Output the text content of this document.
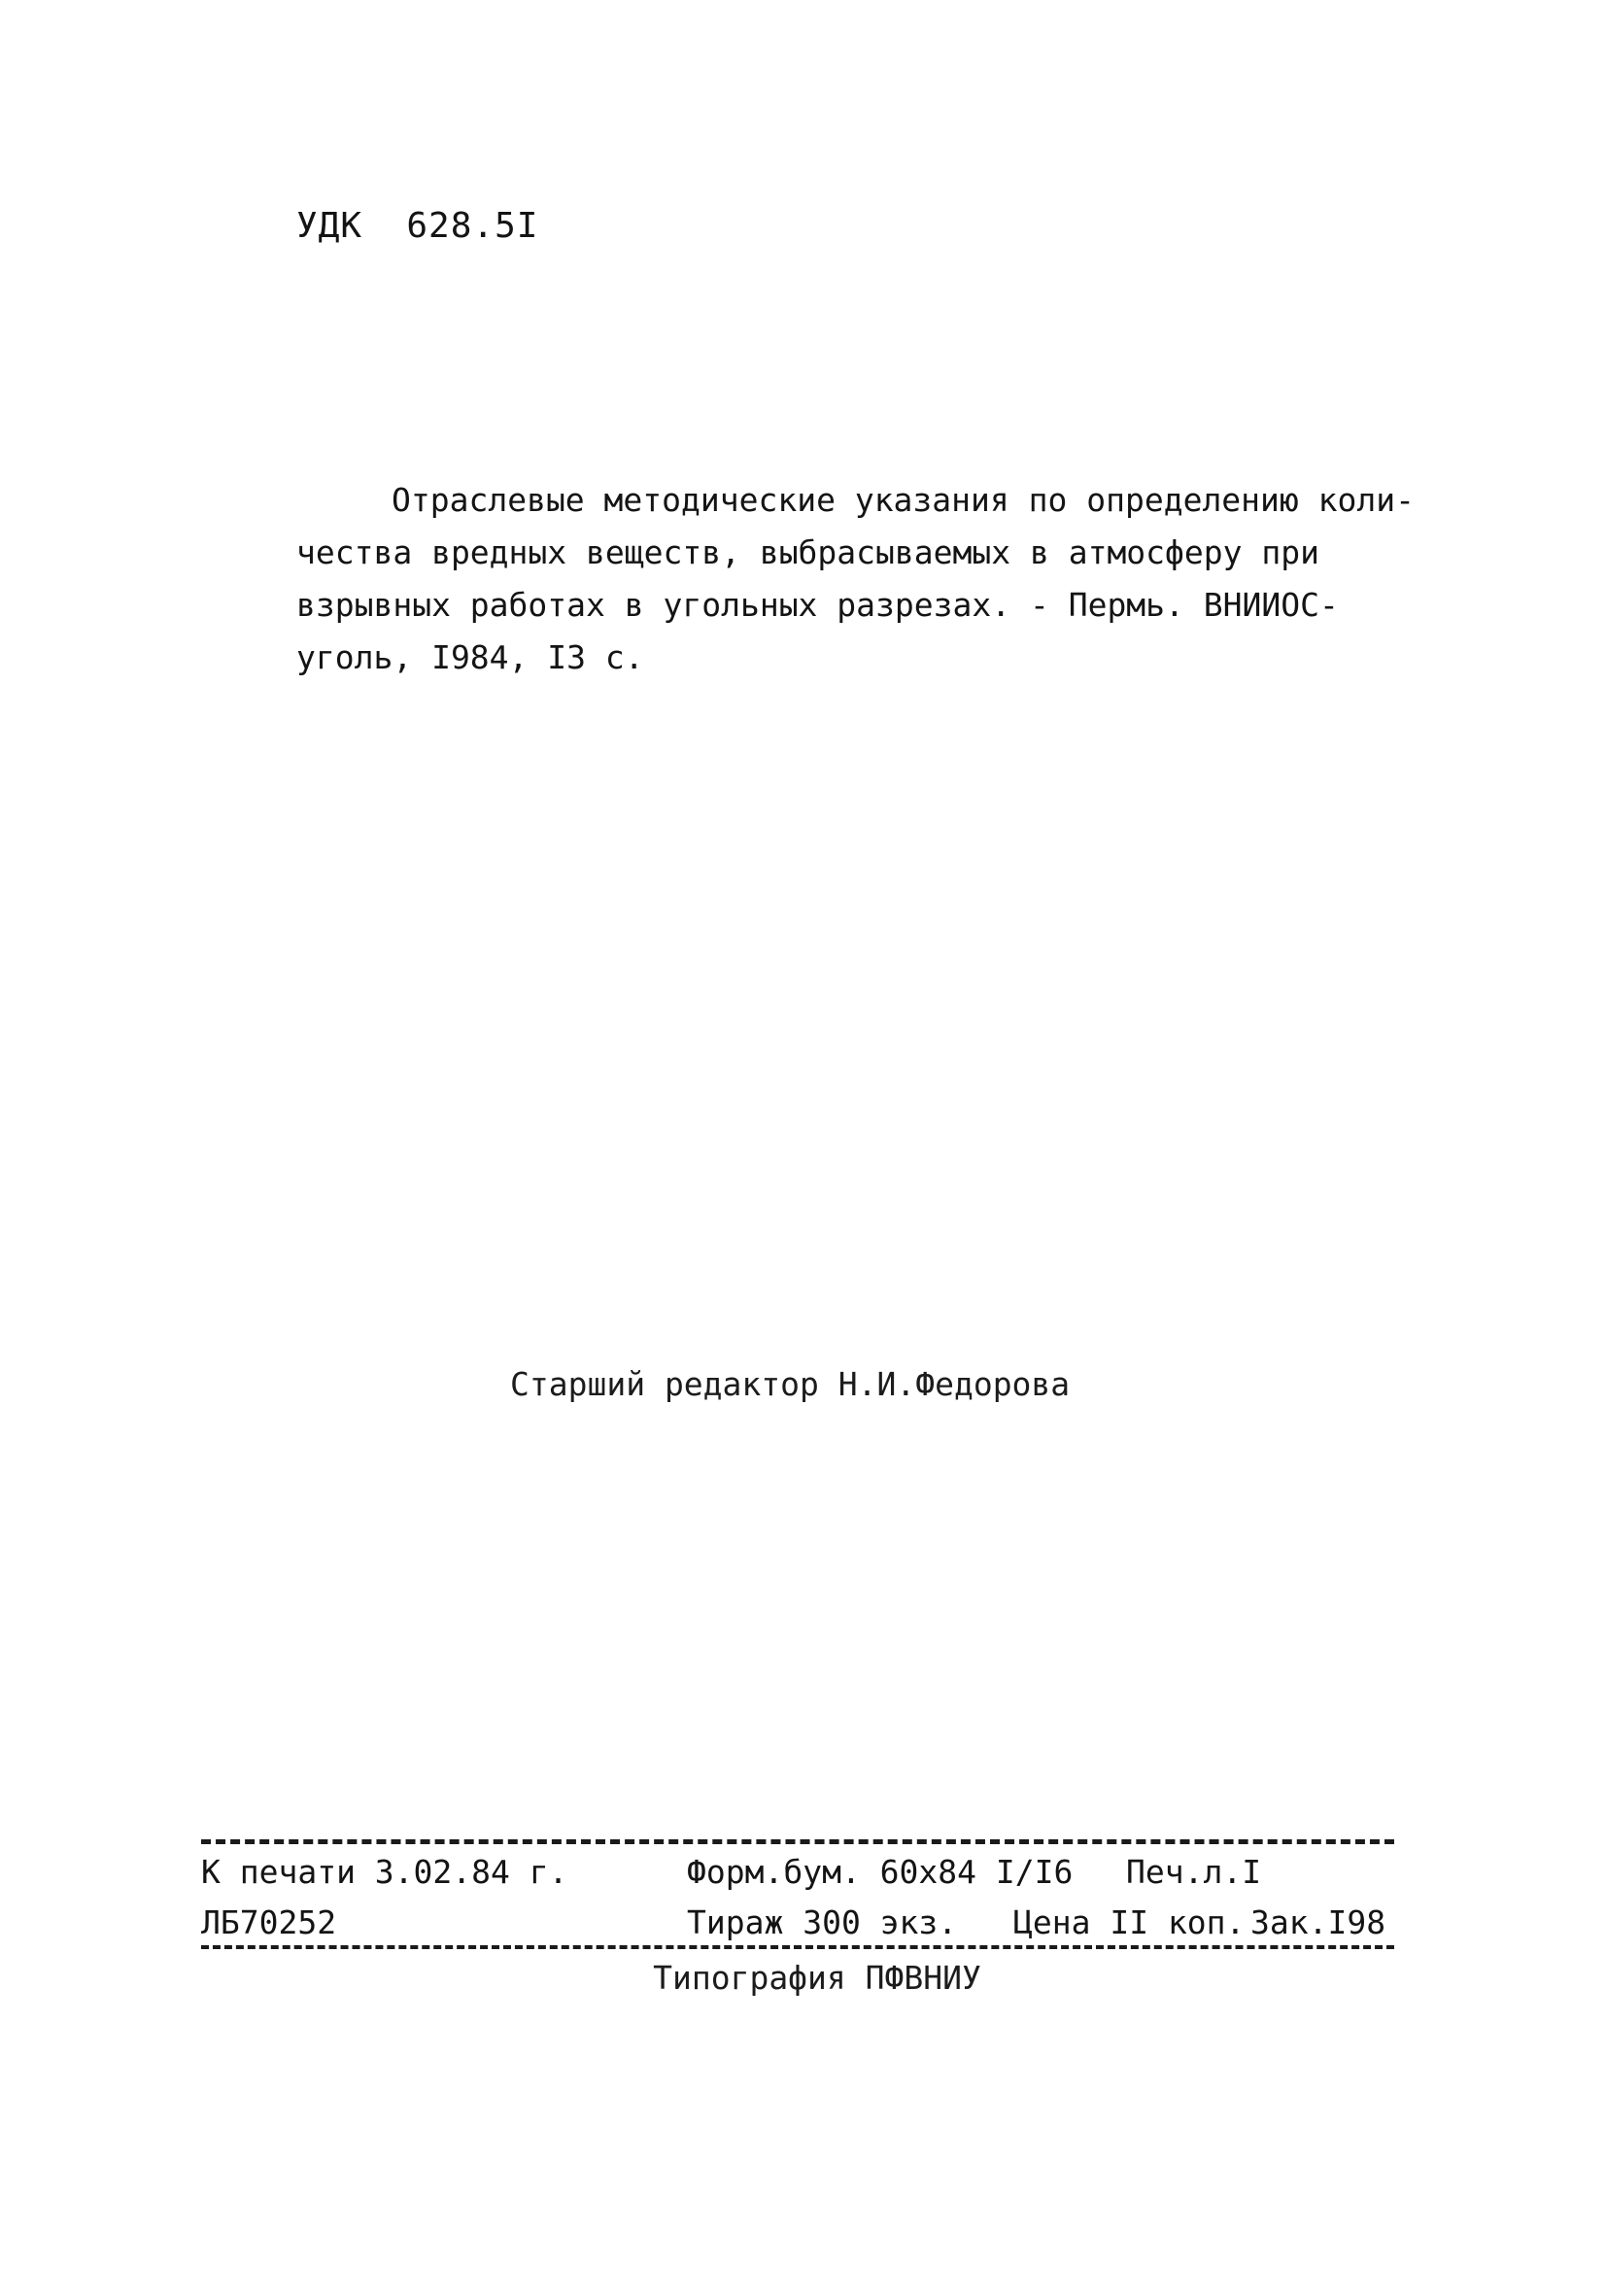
УДК  628.5I
Отраслевые методические указания по определению коли-
чества вредных веществ, выбрасываемых в атмосферу при
взрывных работах в угольных разрезах. - Пермь. ВНИИОС-
уголь, I984, I3 с.
Старший редактор Н.И.Федорова

К печати 3.02.84 г.

	Форм.бум. 60x84 I/I6

Печ.л.I

ЛБ70252

	Тираж 300 экз.

Цена II коп.

Зак.I98

Типография ПФВНИУ
